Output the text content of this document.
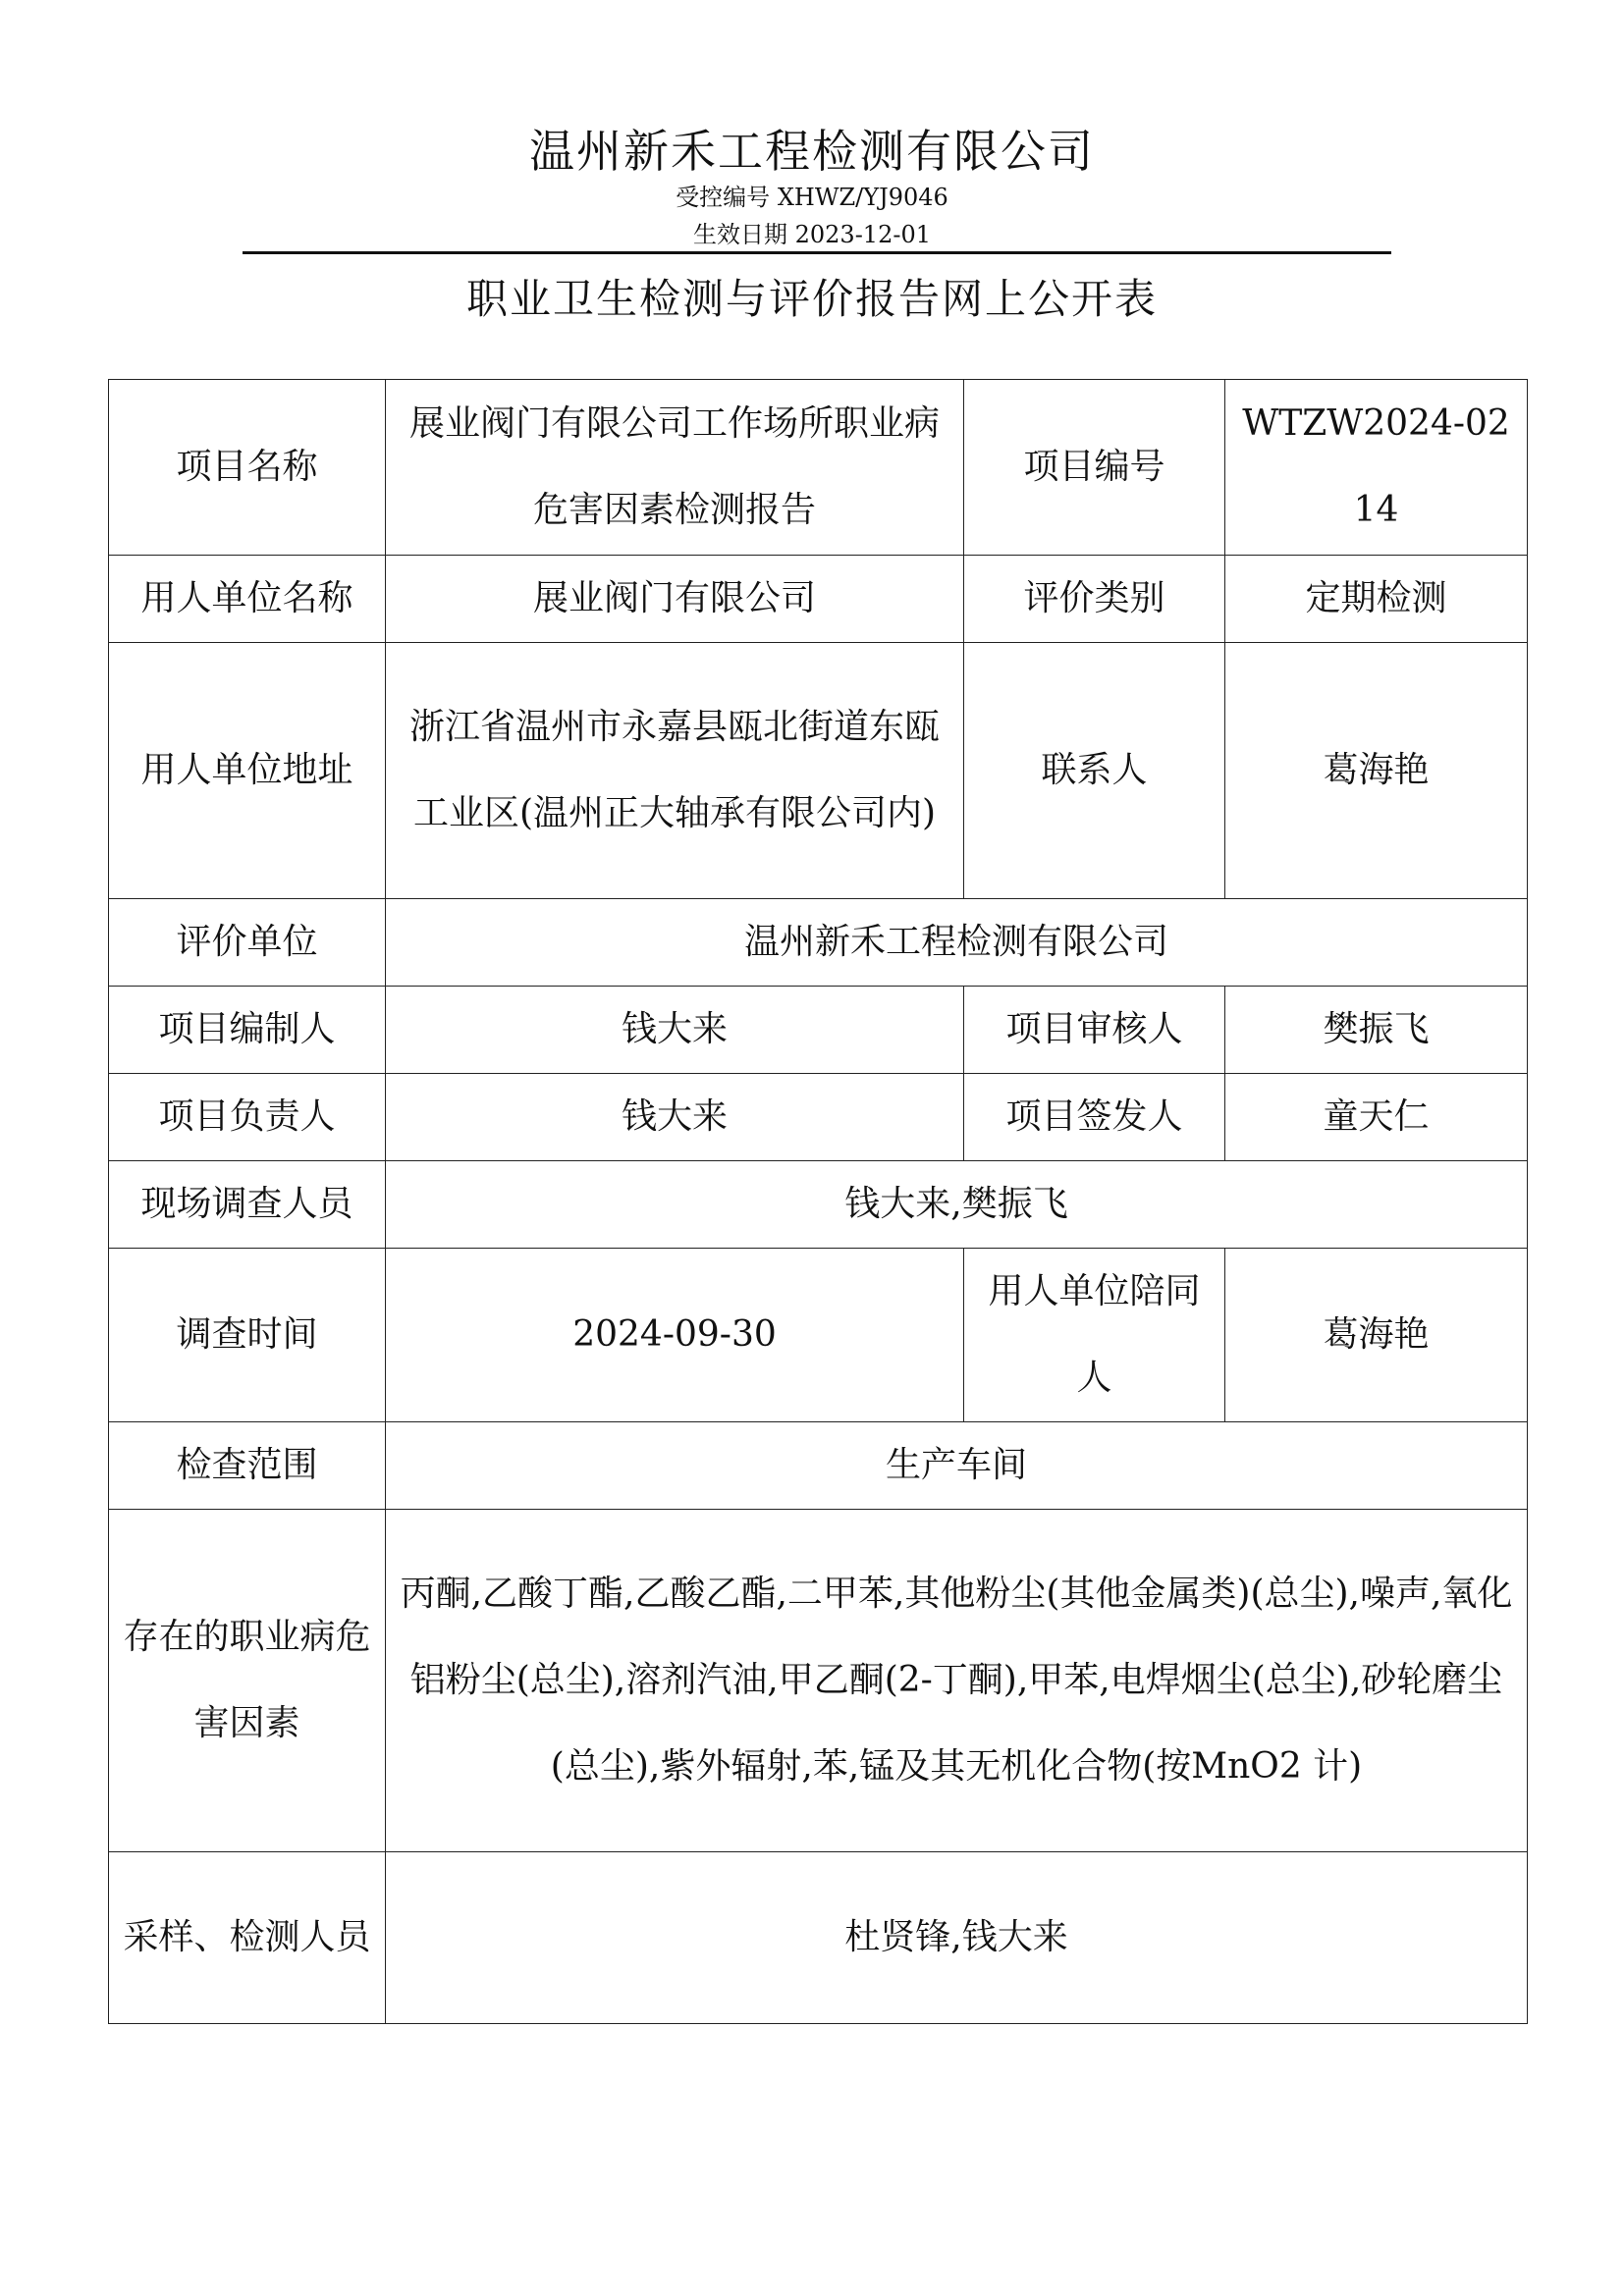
温州新禾工程检测有限公司
受控编号 XHWZ/YJ9046
生效日期 2023-12-01
职业卫生检测与评价报告网上公开表
项目名称	展业阀门有限公司工作场所职业病危害因素检测报告	项目编号	WTZW2024-0214
用人单位名称	展业阀门有限公司	评价类别	定期检测
用人单位地址	浙江省温州市永嘉县瓯北街道东瓯工业区(温州正大轴承有限公司内)	联系人	葛海艳
评价单位	温州新禾工程检测有限公司		
项目编制人	钱大来	项目审核人	樊振飞
项目负责人	钱大来	项目签发人	童天仁
现场调查人员	钱大来,樊振飞		
调查时间	2024-09-30	用人单位陪同人	葛海艳
检查范围	生产车间		
存在的职业病危害因素	丙酮,乙酸丁酯,乙酸乙酯,二甲苯,其他粉尘(其他金属类)(总尘),噪声,氧化铝粉尘(总尘),溶剂汽油,甲乙酮(2-丁酮),甲苯,电焊烟尘(总尘),砂轮磨尘(总尘),紫外辐射,苯,锰及其无机化合物(按MnO2 计)		
采样、检测人员	杜贤锋,钱大来		
